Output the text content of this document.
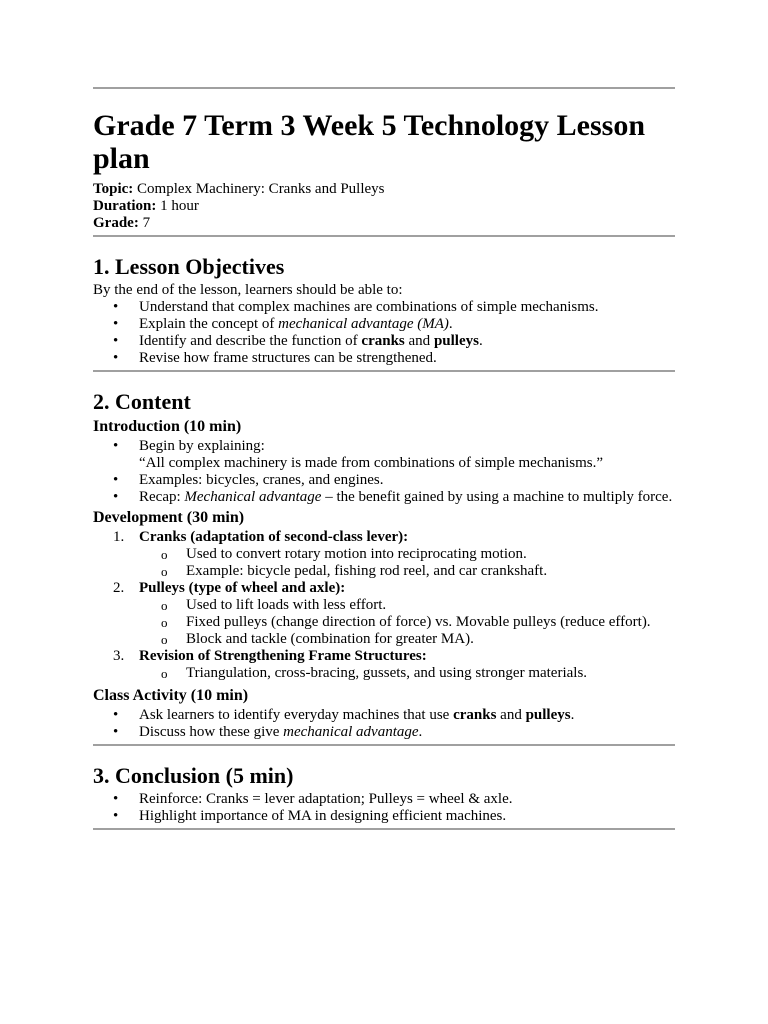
Grade 7 Term 3 Week 5 Technology Lesson plan
Topic: Complex Machinery: Cranks and Pulleys
Duration: 1 hour
Grade: 7
1. Lesson Objectives

By the end of the lesson, learners should be able to:

• Understand that complex machines are combinations of simple mechanisms.
• Explain the concept of mechanical advantage (MA).
• Identify and describe the function of cranks and pulleys.
• Revise how frame structures can be strengthened.
2. Content
Introduction (10 min)
• Begin by explaining:
“All complex machinery is made from combinations of simple mechanisms.”
• Examples: bicycles, cranes, and engines.
• Recap: Mechanical advantage – the benefit gained by using a machine to multiply force.
Development (30 min)
1. Cranks (adaptation of second-class lever):
o Used to convert rotary motion into reciprocating motion.
o Example: bicycle pedal, fishing rod reel, and car crankshaft.
2. Pulleys (type of wheel and axle):
o Used to lift loads with less effort.
o Fixed pulleys (change direction of force) vs. Movable pulleys (reduce effort).
o Block and tackle (combination for greater MA).
3. Revision of Strengthening Frame Structures:
o Triangulation, cross-bracing, gussets, and using stronger materials.
Class Activity (10 min)
• Ask learners to identify everyday machines that use cranks and pulleys.
• Discuss how these give mechanical advantage.
3. Conclusion (5 min)
• Reinforce: Cranks = lever adaptation; Pulleys = wheel & axle.
• Highlight importance of MA in designing efficient machines.
